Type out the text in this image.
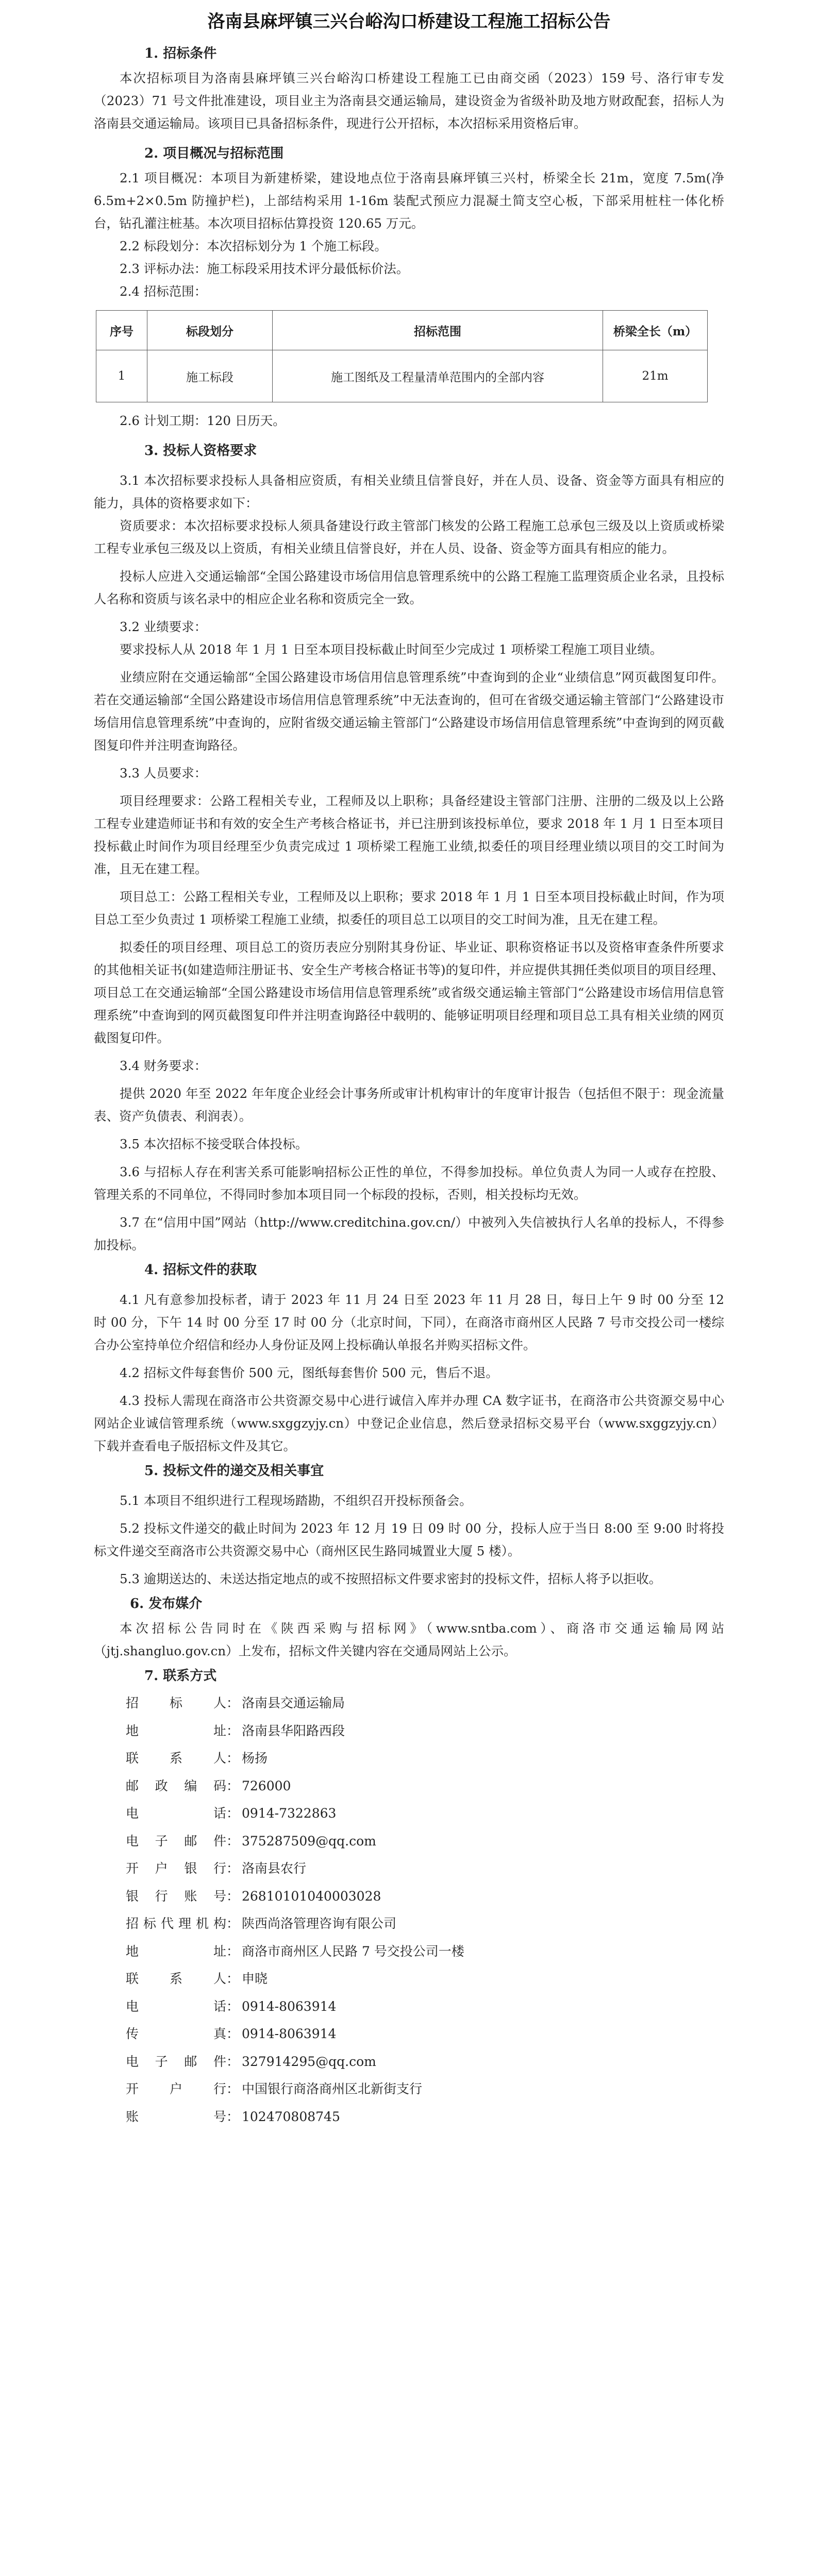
洛南县麻坪镇三兴台峪沟口桥建设工程施工招标公告
1. 招标条件

本次招标项目为洛南县麻坪镇三兴台峪沟口桥建设工程施工已由商交函（2023）159 号、洛行审专发（2023）71 号文件批准建设，项目业主为洛南县交通运输局，建设资金为省级补助及地方财政配套，招标人为洛南县交通运输局。该项目已具备招标条件，现进行公开招标，本次招标采用资格后审。

2. 项目概况与招标范围

2.1 项目概况：本项目为新建桥梁，建设地点位于洛南县麻坪镇三兴村，桥梁全长 21m，宽度 7.5m(净 6.5m+2×0.5m 防撞护栏)，上部结构采用 1-16m 装配式预应力混凝土简支空心板，下部采用桩柱一体化桥台，钻孔灌注桩基。本次项目招标估算投资 120.65 万元。

2.2 标段划分：本次招标划分为 1 个施工标段。

2.3 评标办法：施工标段采用技术评分最低标价法。

2.4 招标范围：

序号	标段划分	招标范围	桥梁全长（m）
1	施工标段	施工图纸及工程量清单范围内的全部内容	21m

2.6 计划工期：120 日历天。

3. 投标人资格要求

3.1 本次招标要求投标人具备相应资质，有相关业绩且信誉良好，并在人员、设备、资金等方面具有相应的能力，具体的资格要求如下：

资质要求：本次招标要求投标人须具备建设行政主管部门核发的公路工程施工总承包三级及以上资质或桥梁工程专业承包三级及以上资质，有相关业绩且信誉良好，并在人员、设备、资金等方面具有相应的能力。

投标人应进入交通运输部“全国公路建设市场信用信息管理系统中的公路工程施工监理资质企业名录，且投标人名称和资质与该名录中的相应企业名称和资质完全一致。

3.2 业绩要求：

要求投标人从 2018 年 1 月 1 日至本项目投标截止时间至少完成过 1 项桥梁工程施工项目业绩。

业绩应附在交通运输部“全国公路建设市场信用信息管理系统”中查询到的企业“业绩信息”网页截图复印件。若在交通运输部“全国公路建设市场信用信息管理系统”中无法查询的，但可在省级交通运输主管部门“公路建设市场信用信息管理系统”中查询的，应附省级交通运输主管部门“公路建设市场信用信息管理系统”中查询到的网页截图复印件并注明查询路径。

3.3 人员要求：

项目经理要求：公路工程相关专业，工程师及以上职称；具备经建设主管部门注册、注册的二级及以上公路工程专业建造师证书和有效的安全生产考核合格证书，并已注册到该投标单位，要求 2018 年 1 月 1 日至本项目投标截止时间作为项目经理至少负责完成过 1 项桥梁工程施工业绩,拟委任的项目经理业绩以项目的交工时间为准，且无在建工程。

项目总工：公路工程相关专业，工程师及以上职称；要求 2018 年 1 月 1 日至本项目投标截止时间，作为项目总工至少负责过 1 项桥梁工程施工业绩，拟委任的项目总工以项目的交工时间为准，且无在建工程。

拟委任的项目经理、项目总工的资历表应分别附其身份证、毕业证、职称资格证书以及资格审查条件所要求的其他相关证书(如建造师注册证书、安全生产考核合格证书等)的复印件，并应提供其拥任类似项目的项目经理、项目总工在交通运输部“全国公路建设市场信用信息管理系统”或省级交通运输主管部门“公路建设市场信用信息管理系统”中查询到的网页截图复印件并注明查询路径中载明的、能够证明项目经理和项目总工具有相关业绩的网页截图复印件。

3.4 财务要求：

提供 2020 年至 2022 年年度企业经会计事务所或审计机构审计的年度审计报告（包括但不限于：现金流量表、资产负债表、利润表）。

3.5 本次招标不接受联合体投标。

3.6 与招标人存在利害关系可能影响招标公正性的单位，不得参加投标。单位负责人为同一人或存在控股、管理关系的不同单位，不得同时参加本项目同一个标段的投标，否则，相关投标均无效。

3.7 在“信用中国”网站（http://www.creditchina.gov.cn/）中被列入失信被执行人名单的投标人，不得参加投标。

4. 招标文件的获取

4.1 凡有意参加投标者，请于 2023 年 11 月 24 日至 2023 年 11 月 28 日，每日上午 9 时 00 分至 12 时 00 分，下午 14 时 00 分至 17 时 00 分（北京时间，下同），在商洛市商州区人民路 7 号市交投公司一楼综合办公室持单位介绍信和经办人身份证及网上投标确认单报名并购买招标文件。

4.2 招标文件每套售价 500 元，图纸每套售价 500 元，售后不退。

4.3 投标人需现在商洛市公共资源交易中心进行诚信入库并办理 CA 数字证书，在商洛市公共资源交易中心网站企业诚信管理系统（www.sxggzyjy.cn）中登记企业信息，然后登录招标交易平台（www.sxggzyjy.cn）下载并查看电子版招标文件及其它。

5. 投标文件的递交及相关事宜

5.1 本项目不组织进行工程现场踏勘，不组织召开投标预备会。

5.2 投标文件递交的截止时间为 2023 年 12 月 19 日 09 时 00 分，投标人应于当日 8:00 至 9:00 时将投标文件递交至商洛市公共资源交易中心（商州区民生路同城置业大厦 5 楼）。

5.3 逾期送达的、未送达指定地点的或不按照招标文件要求密封的投标文件，招标人将予以拒收。

6. 发布媒介

本次招标公告同时在《陕西采购与招标网》（www.sntba.com）、商洛市交通运输局网站（jtj.shangluo.gov.cn）上发布，招标文件关键内容在交通局网站上公示。

7. 联系方式
招标人 ： 洛南县交通运输局
地址 ： 洛南县华阳路西段
联系人 ： 杨扬
邮政编码 ： 726000
电话 ： 0914-7322863
电子邮件 ： 375287509@qq.com
开户银行 ： 洛南县农行
银行账号 ： 26810101040003028
招标代理机构 ： 陕西尚洛管理咨询有限公司
地址 ： 商洛市商州区人民路 7 号交投公司一楼
联系人 ： 申晓
电话 ： 0914-8063914
传真 ： 0914-8063914
电子邮件 ： 327914295@qq.com
开户行 ： 中国银行商洛商州区北新街支行
账号 ： 102470808745
